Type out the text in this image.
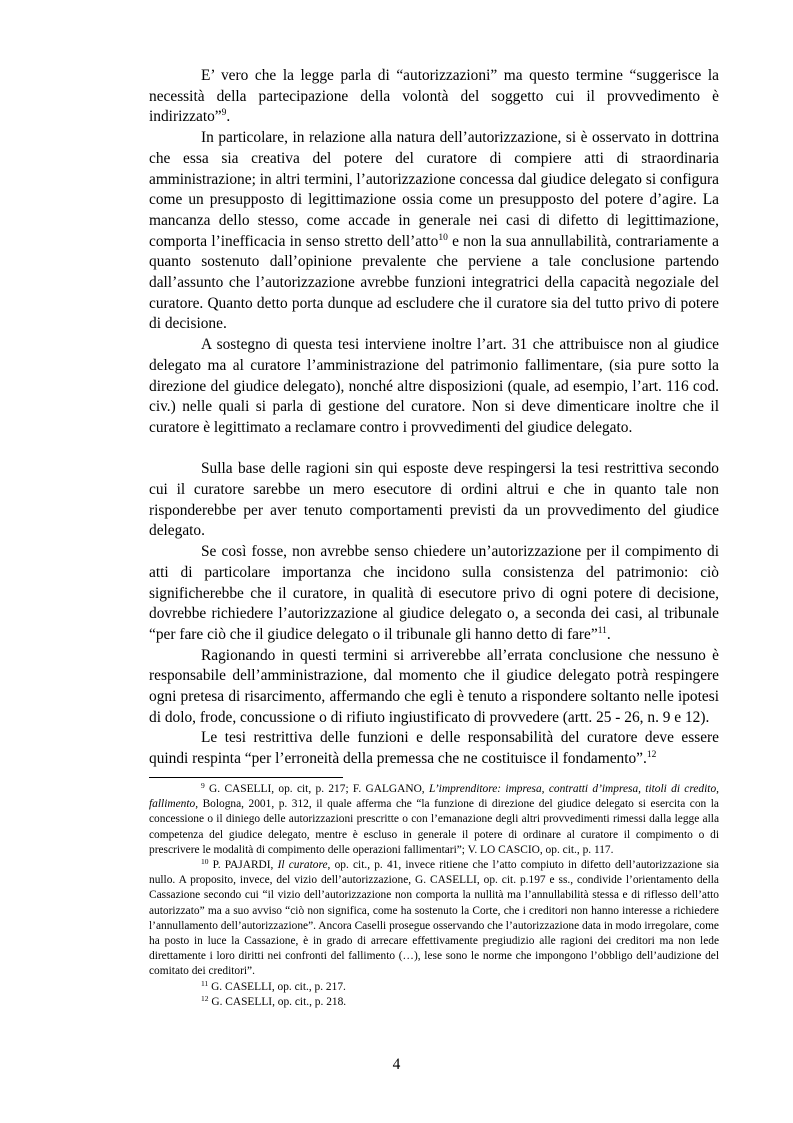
E’ vero che la legge parla di “autorizzazioni” ma questo termine “suggerisce la necessità della partecipazione della volontà del soggetto cui il provvedimento è indirizzato”$^9$.

In particolare, in relazione alla natura dell’autorizzazione, si è osservato in dottrina che essa sia creativa del potere del curatore di compiere atti di straordinaria amministrazione; in altri termini, l’autorizzazione concessa dal giudice delegato si configura come un presupposto di legittimazione ossia come un presupposto del potere d’agire. La mancanza dello stesso, come accade in generale nei casi di difetto di legittimazione, comporta l’inefficacia in senso stretto dell’atto$^{10}$ e non la sua annullabilità, contrariamente a quanto sostenuto dall’opinione prevalente che perviene a tale conclusione partendo dall’assunto che l’autorizzazione avrebbe funzioni integratrici della capacità negoziale del curatore. Quanto detto porta dunque ad escludere che il curatore sia del tutto privo di potere di decisione.

A sostegno di questa tesi interviene inoltre l’art. 31 che attribuisce non al giudice delegato ma al curatore l’amministrazione del patrimonio fallimentare, (sia pure sotto la direzione del giudice delegato), nonché altre disposizioni (quale, ad esempio, l’art. 116 cod. civ.) nelle quali si parla di gestione del curatore. Non si deve dimenticare inoltre che il curatore è legittimato a reclamare contro i provvedimenti del giudice delegato.

Sulla base delle ragioni sin qui esposte deve respingersi la tesi restrittiva secondo cui il curatore sarebbe un mero esecutore di ordini altrui e che in quanto tale non risponderebbe per aver tenuto comportamenti previsti da un provvedimento del giudice delegato.

Se così fosse, non avrebbe senso chiedere un’autorizzazione per il compimento di atti di particolare importanza che incidono sulla consistenza del patrimonio: ciò significherebbe che il curatore, in qualità di esecutore privo di ogni potere di decisione, dovrebbe richiedere l’autorizzazione al giudice delegato o, a seconda dei casi, al tribunale “per fare ciò che il giudice delegato o il tribunale gli hanno detto di fare”$^{11}$.

Ragionando in questi termini si arriverebbe all’errata conclusione che nessuno è responsabile dell’amministrazione, dal momento che il giudice delegato potrà respingere ogni pretesa di risarcimento, affermando che egli è tenuto a rispondere soltanto nelle ipotesi di dolo, frode, concussione o di rifiuto ingiustificato di provvedere (artt. 25 - 26, n. 9 e 12).

Le tesi restrittiva delle funzioni e delle responsabilità del curatore deve essere quindi respinta “per l’erroneità della premessa che ne costituisce il fondamento”.$^{12}$

$^9$ G. CASELLI, op. cit, p. 217; F. GALGANO, L’imprenditore: impresa, contratti d’impresa, titoli di credito, fallimento, Bologna, 2001, p. 312, il quale afferma che “la funzione di direzione del giudice delegato si esercita con la concessione o il diniego delle autorizzazioni prescritte o con l’emanazione degli altri provvedimenti rimessi dalla legge alla competenza del giudice delegato, mentre è escluso in generale il potere di ordinare al curatore il compimento o di prescrivere le modalità di compimento delle operazioni fallimentari”; V. LO CASCIO, op. cit., p. 117.

$^{10}$ P. PAJARDI, Il curatore, op. cit., p. 41, invece ritiene che l’atto compiuto in difetto dell’autorizzazione sia nullo. A proposito, invece, del vizio dell’autorizzazione, G. CASELLI, op. cit. p.197 e ss., condivide l’orientamento della Cassazione secondo cui “il vizio dell’autorizzazione non comporta la nullità ma l’annullabilità stessa e di riflesso dell’atto autorizzato” ma a suo avviso “ciò non significa, come ha sostenuto la Corte, che i creditori non hanno interesse a richiedere l’annullamento dell’autorizzazione”. Ancora Caselli prosegue osservando che l’autorizzazione data in modo irregolare, come ha posto in luce la Cassazione, è in grado di arrecare effettivamente pregiudizio alle ragioni dei creditori ma non lede direttamente i loro diritti nei confronti del fallimento (…), lese sono le norme che impongono l’obbligo dell’audizione del comitato dei creditori”.

$^{11}$ G. CASELLI, op. cit., p. 217.

$^{12}$ G. CASELLI, op. cit., p. 218.

4
